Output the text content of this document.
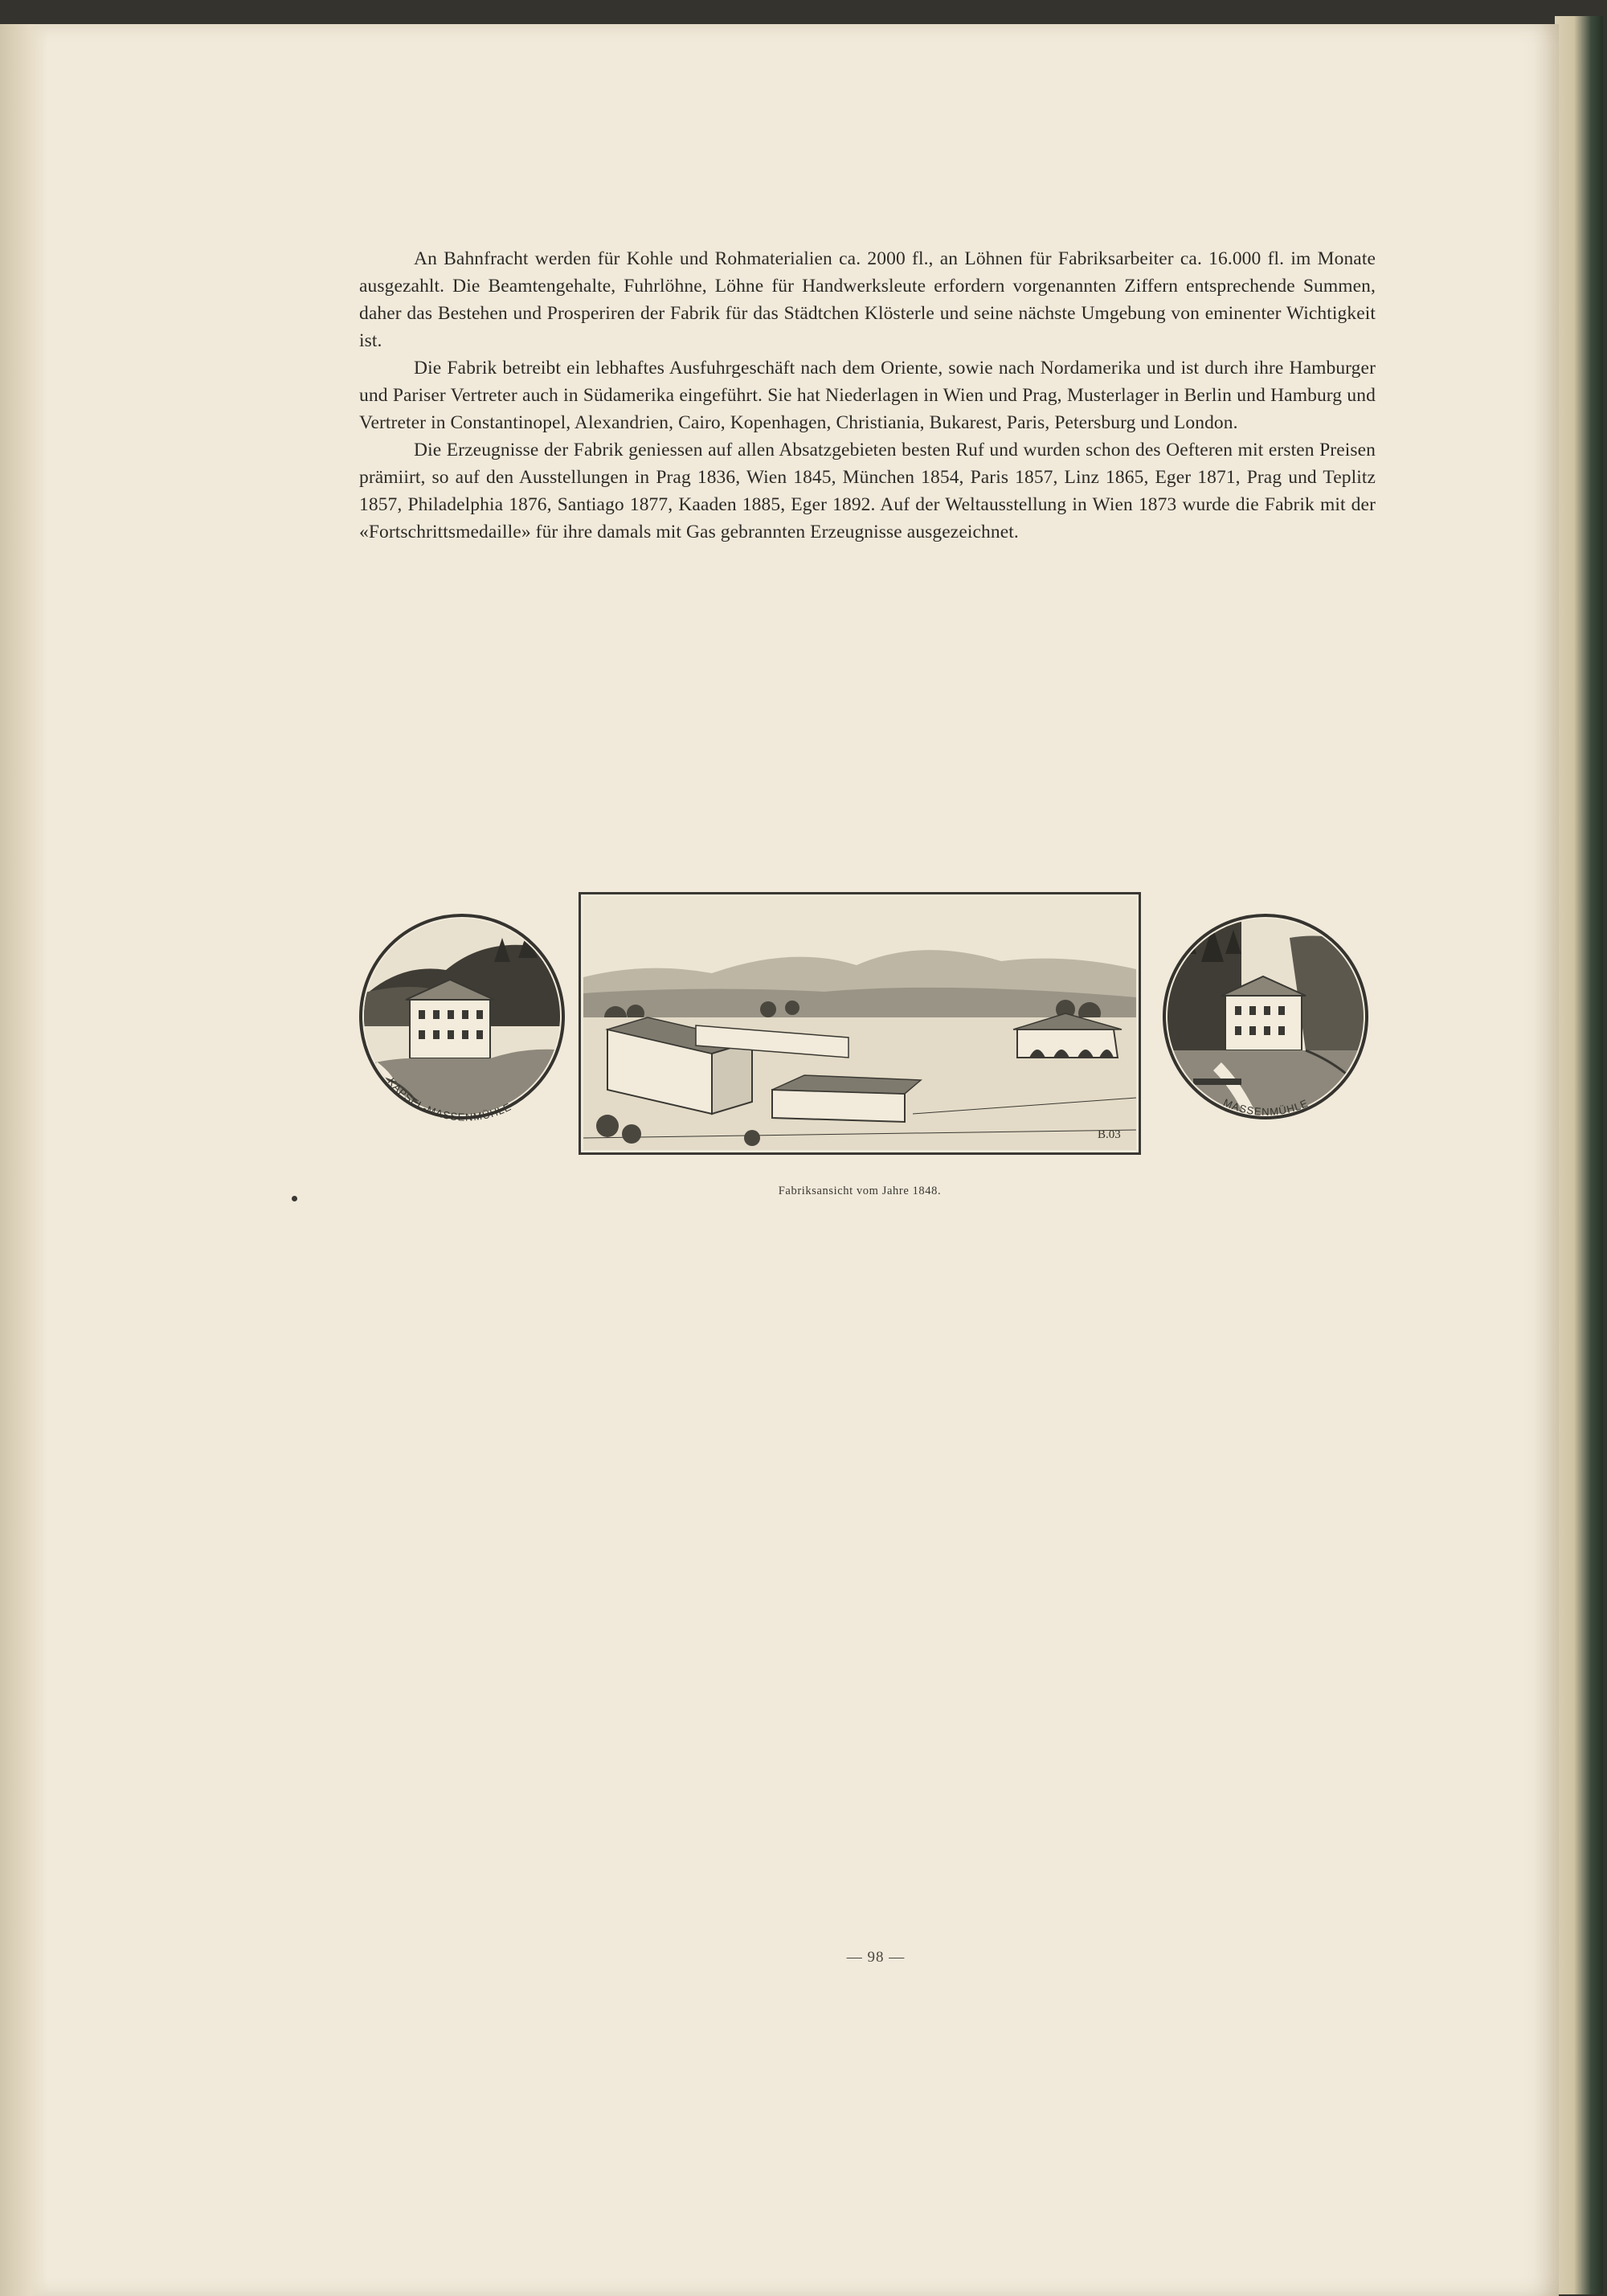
An Bahnfracht werden für Kohle und Rohmaterialien ca. 2000 fl., an Löhnen für Fabriksarbeiter ca. 16.000 fl. im Monate ausgezahlt. Die Beamtengehalte, Fuhrlöhne, Löhne für Handwerksleute erfordern vorgenannten Ziffern entsprechende Summen, daher das Bestehen und Prosperiren der Fabrik für das Städtchen Klösterle und seine nächste Umgebung von eminenter Wichtigkeit ist.

Die Fabrik betreibt ein lebhaftes Ausfuhrgeschäft nach dem Oriente, sowie nach Nordamerika und ist durch ihre Hamburger und Pariser Vertreter auch in Südamerika eingeführt. Sie hat Niederlagen in Wien und Prag, Musterlager in Berlin und Hamburg und Vertreter in Constantinopel, Alexandrien, Cairo, Kopenhagen, Christiania, Bukarest, Paris, Petersburg und London.

Die Erzeugnisse der Fabrik geniessen auf allen Absatzgebieten besten Ruf und wurden schon des Oefteren mit ersten Preisen prämiirt, so auf den Ausstellungen in Prag 1836, Wien 1845, München 1854, Paris 1857, Linz 1865, Eger 1871, Prag und Teplitz 1857, Philadelphia 1876, Santiago 1877, Kaaden 1885, Eger 1892. Auf der Weltausstellung in Wien 1873 wurde die Fabrik mit der «Fortschrittsmedaille» für ihre damals mit Gas gebrannten Erzeugnisse ausgezeichnet.

KAPSEL-MASSENMÜHLE
B.03
MASSENMÜHLE
Fabriksansicht vom Jahre 1848.
— 98 —
